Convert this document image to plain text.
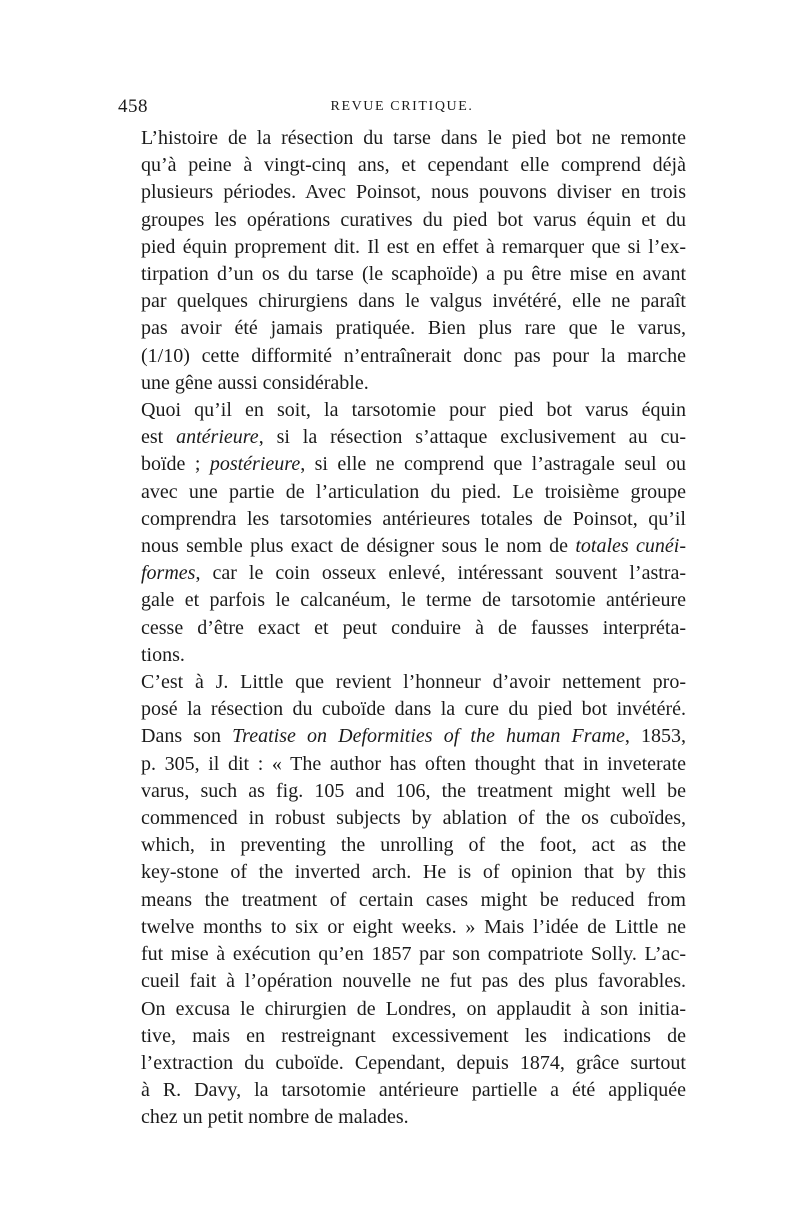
458	REVUE CRITIQUE.

L’histoire de la résection du tarse dans le pied bot ne remonte
qu’à peine à vingt-cinq ans, et cependant elle comprend déjà
plusieurs périodes. Avec Poinsot, nous pouvons diviser en trois
groupes les opérations curatives du pied bot varus équin et du
pied équin proprement dit. Il est en effet à remarquer que si l’ex-
tirpation d’un os du tarse (le scaphoïde) a pu être mise en avant
par quelques chirurgiens dans le valgus invétéré, elle ne paraît
pas avoir été jamais pratiquée. Bien plus rare que le varus,
(1/10) cette difformité n’entraînerait donc pas pour la marche
une gêne aussi considérable.

Quoi qu’il en soit, la tarsotomie pour pied bot varus équin
est antérieure, si la résection s’attaque exclusivement au cu-
boïde ; postérieure, si elle ne comprend que l’astragale seul ou
avec une partie de l’articulation du pied. Le troisième groupe
comprendra les tarsotomies antérieures totales de Poinsot, qu’il
nous semble plus exact de désigner sous le nom de totales cunéi-
formes, car le coin osseux enlevé, intéressant souvent l’astra-
gale et parfois le calcanéum, le terme de tarsotomie antérieure
cesse d’être exact et peut conduire à de fausses interpréta-
tions.

C’est à J. Little que revient l’honneur d’avoir nettement pro-
posé la résection du cuboïde dans la cure du pied bot invétéré.
Dans son Treatise on Deformities of the human Frame, 1853,
p. 305, il dit : « The author has often thought that in inveterate
varus, such as fig. 105 and 106, the treatment might well be
commenced in robust subjects by ablation of the os cuboïdes,
which, in preventing the unrolling of the foot, act as the
key-stone of the inverted arch. He is of opinion that by this
means the treatment of certain cases might be reduced from
twelve months to six or eight weeks. » Mais l’idée de Little ne
fut mise à exécution qu’en 1857 par son compatriote Solly. L’ac-
cueil fait à l’opération nouvelle ne fut pas des plus favorables.
On excusa le chirurgien de Londres, on applaudit à son initia-
tive, mais en restreignant excessivement les indications de
l’extraction du cuboïde. Cependant, depuis 1874, grâce surtout
à R. Davy, la tarsotomie antérieure partielle a été appliquée
chez un petit nombre de malades.
